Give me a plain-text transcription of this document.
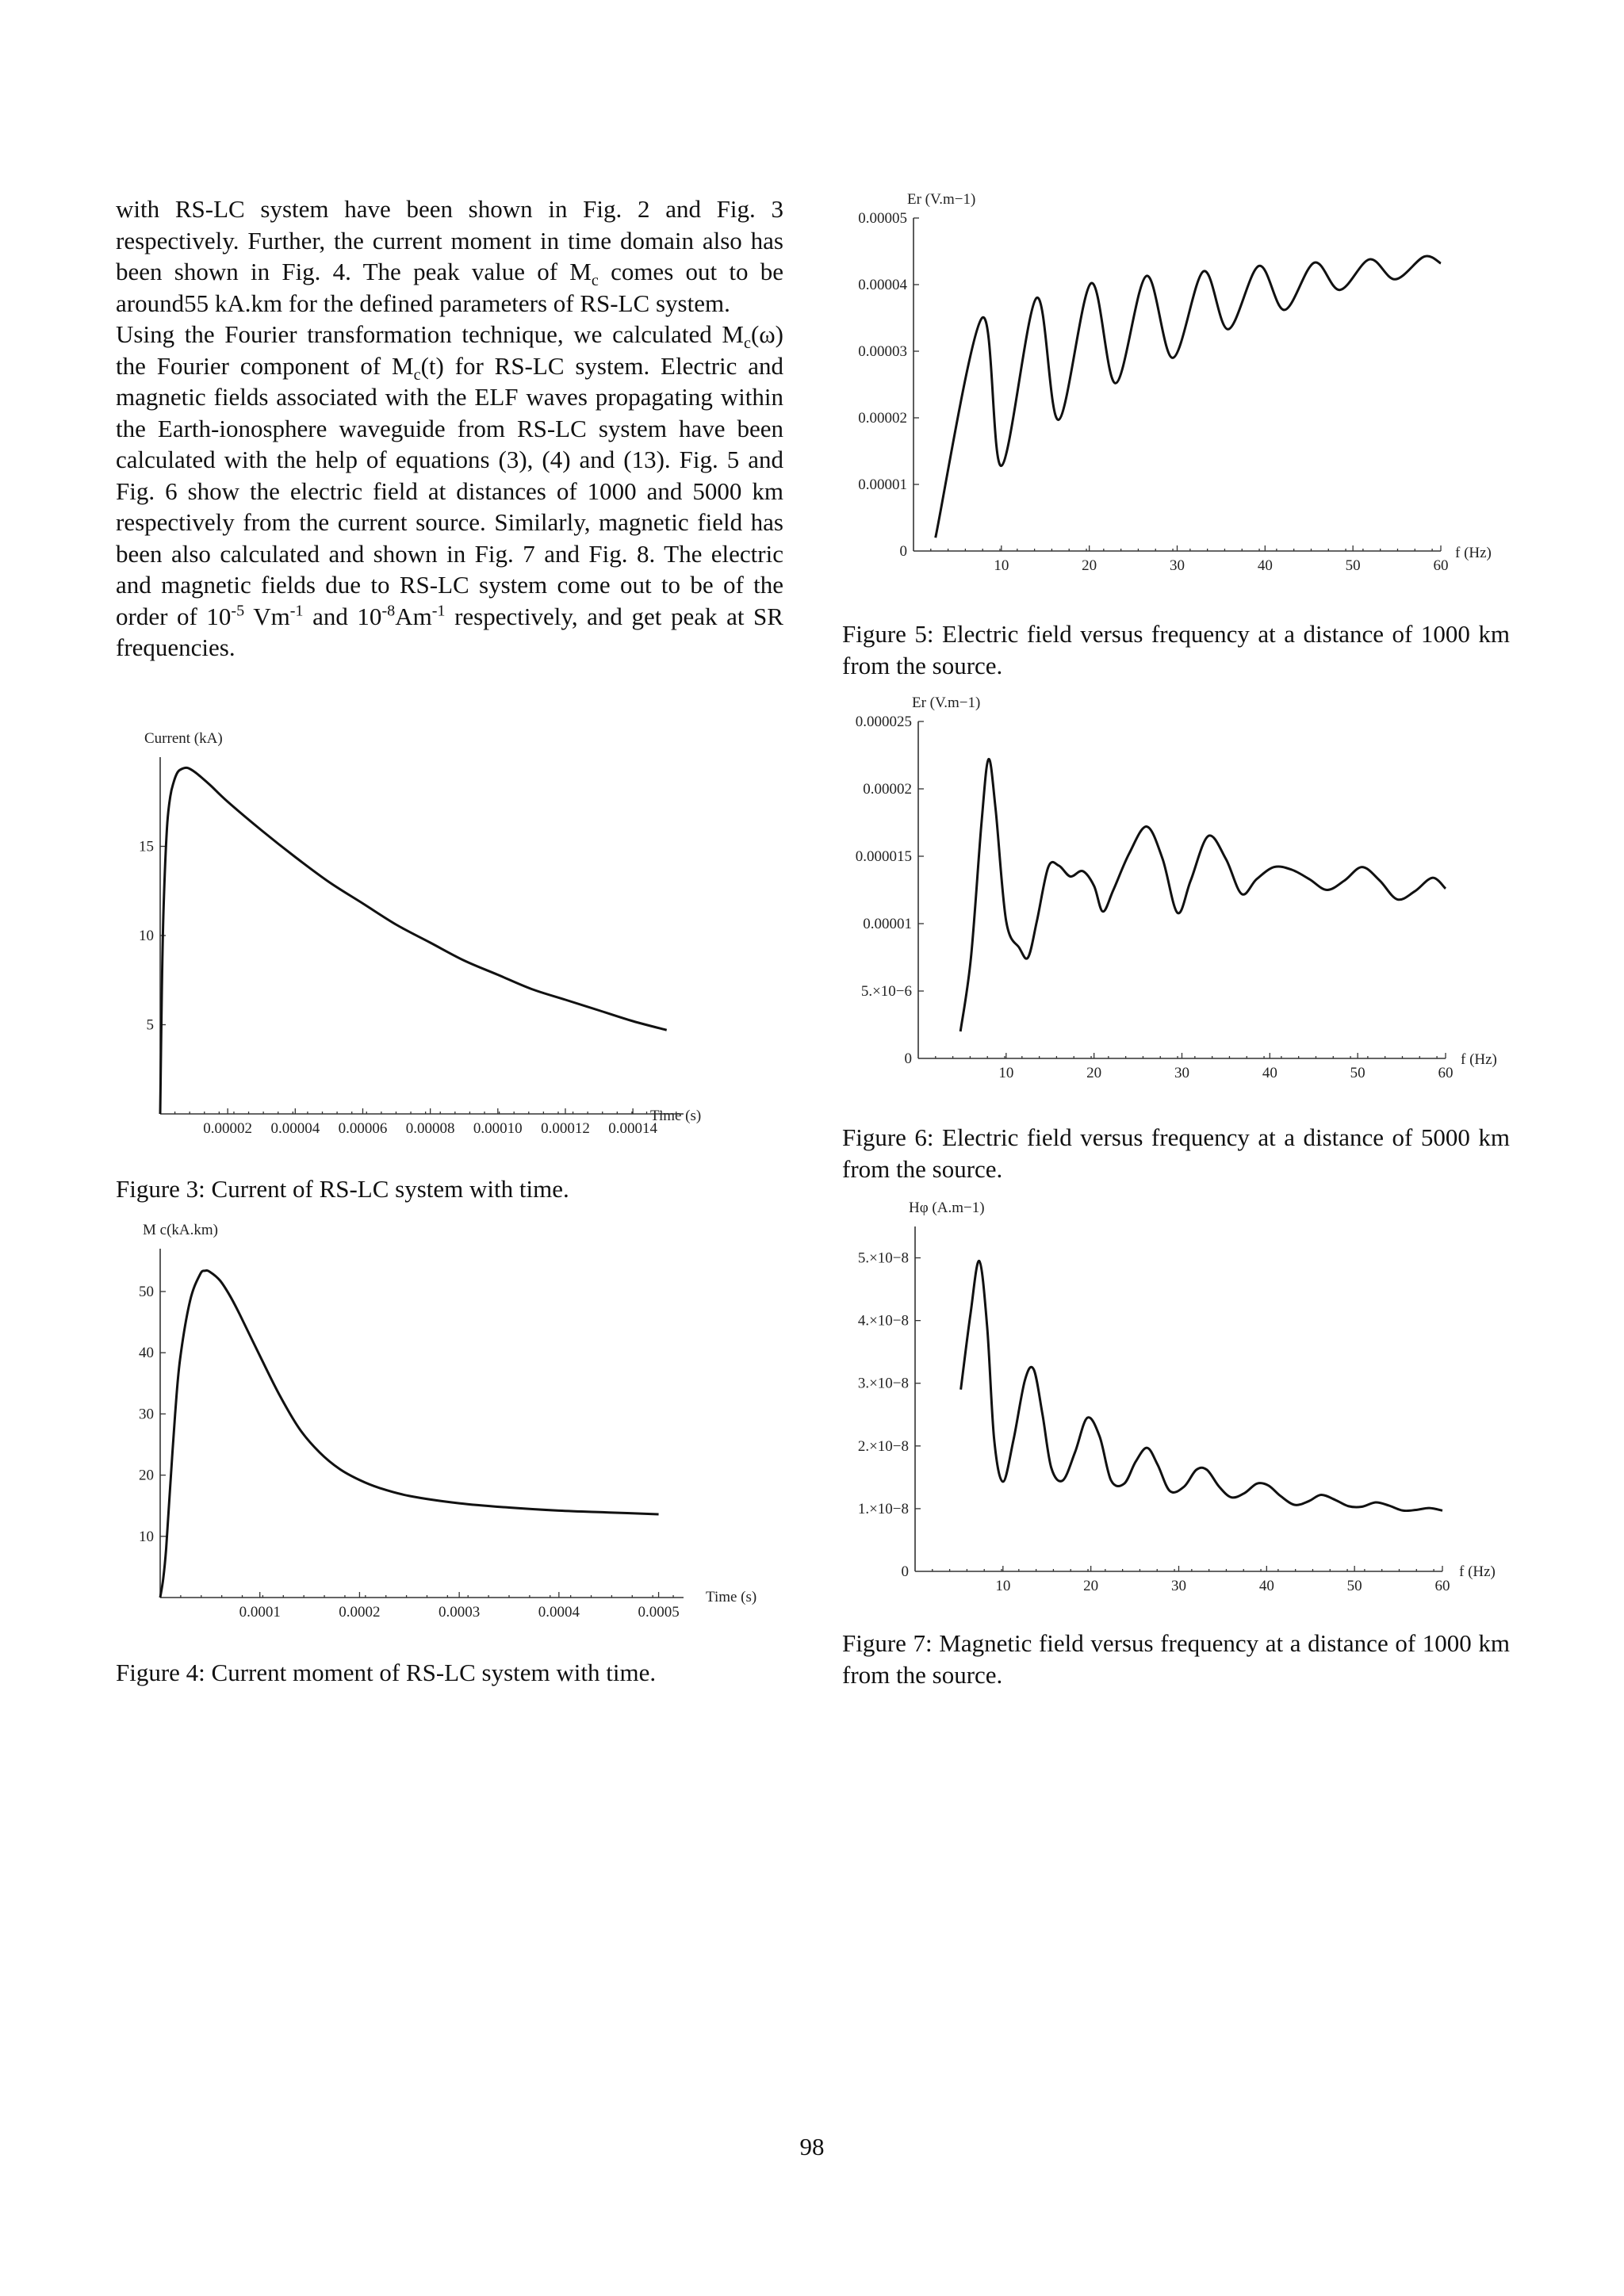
with RS-LC system have been shown in Fig. 2 and Fig. 3 respectively. Further, the current moment in time domain also has been shown in Fig. 4. The peak value of $M_c$ comes out to be around55 kA.km for the defined parameters of RS-LC system.

Using the Fourier transformation technique, we calculated $M_c(\omega)$ the Fourier component of $M_c(t)$ for RS-LC system. Electric and magnetic fields associated with the ELF waves propagating within the Earth-ionosphere waveguide from RS-LC system have been calculated with the help of equations (3), (4) and (13). Fig. 5 and Fig. 6 show the electric field at distances of 1000 and 5000 km respectively from the current source. Similarly, magnetic field has been also calculated and shown in Fig. 7 and Fig. 8. The electric and magnetic fields due to RS-LC system come out to be of the order of $10^{-5}$ $Vm^{-1}$ and $10^{-8}Am^{-1}$ respectively, and get peak at SR frequencies.

0.00002 0.00004 0.00006 0.00008 0.00010 0.00012 0.00014
5
10
15
Current (kA)
Time (s)
Figure 3: Current of RS-LC system with time.
0.0001	0.0002	0.0003	0.0004	0.0005
10
20
30
40
50
M c(kA.km)
Time (s)
Figure 4: Current moment of RS-LC system with time.
10	20	30	40	50	60
0
0.00001
0.00002
0.00003
0.00004
0.00005
Er (V.m−1)
f (Hz)
Figure 5: Electric field versus frequency at a distance of 1000 km from the source.
10	20	30	40	50	60
0
5.×10−6
0.00001
0.000015
0.00002
0.000025
Er (V.m−1)
f (Hz)
Figure 6: Electric field versus frequency at a distance of 5000 km from the source.
10	20	30	40	50	60
0
1.×10−8
2.×10−8
3.×10−8
4.×10−8
5.×10−8
Hφ (A.m−1)
f (Hz)
Figure 7: Magnetic field versus frequency at a distance of 1000 km from the source.
98
